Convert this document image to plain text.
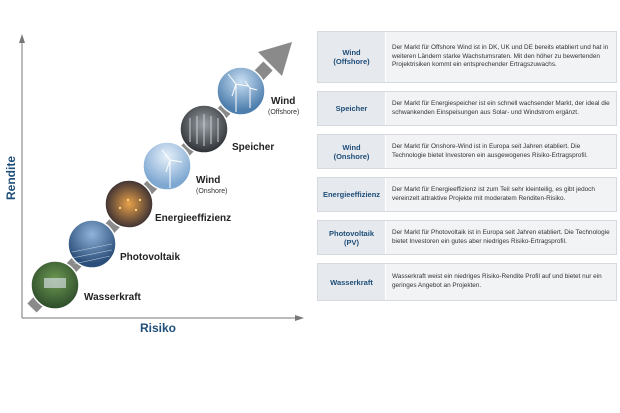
Rendite
Risiko
Wasserkraft
Photovoltaik
Energieeffizienz
Wind
(Onshore)
Speicher
Wind
(Offshore)
Wind
(Offshore)
Der Markt für Offshore Wind ist in DK, UK und DE bereits etabliert und hat in weiteren Ländern starke Wachstumsraten. Mit den höher zu bewertenden Projektrisiken kommt ein entsprechender Ertragszuwachs.
Speicher
Der Markt für Energiespeicher ist ein schnell wachsender Markt, der ideal die schwankenden Einspeisungen aus Solar- und Windstrom ergänzt.
Wind
(Onshore)
Der Markt für Onshore-Wind ist in Europa seit Jahren etabliert. Die Technologie bietet Investoren ein ausgewogenes Risiko-Ertragsprofil.
Energieeffizienz
Der Markt für Energieeffizienz ist zum Teil sehr kleinteilig, es gibt jedoch vereinzelt attraktive Projekte mit moderatem Renditen-Risiko.
Photovoltaik
(PV)
Der Markt für Photovoltaik ist in Europa seit Jahren etabliert. Die Technologie bietet Investoren ein gutes aber niedriges Risiko-Ertragsprofil.
Wasserkraft
Wasserkraft weist ein niedriges Risiko-Rendite Profil auf und bietet nur ein geringes Angebot an Projekten.
